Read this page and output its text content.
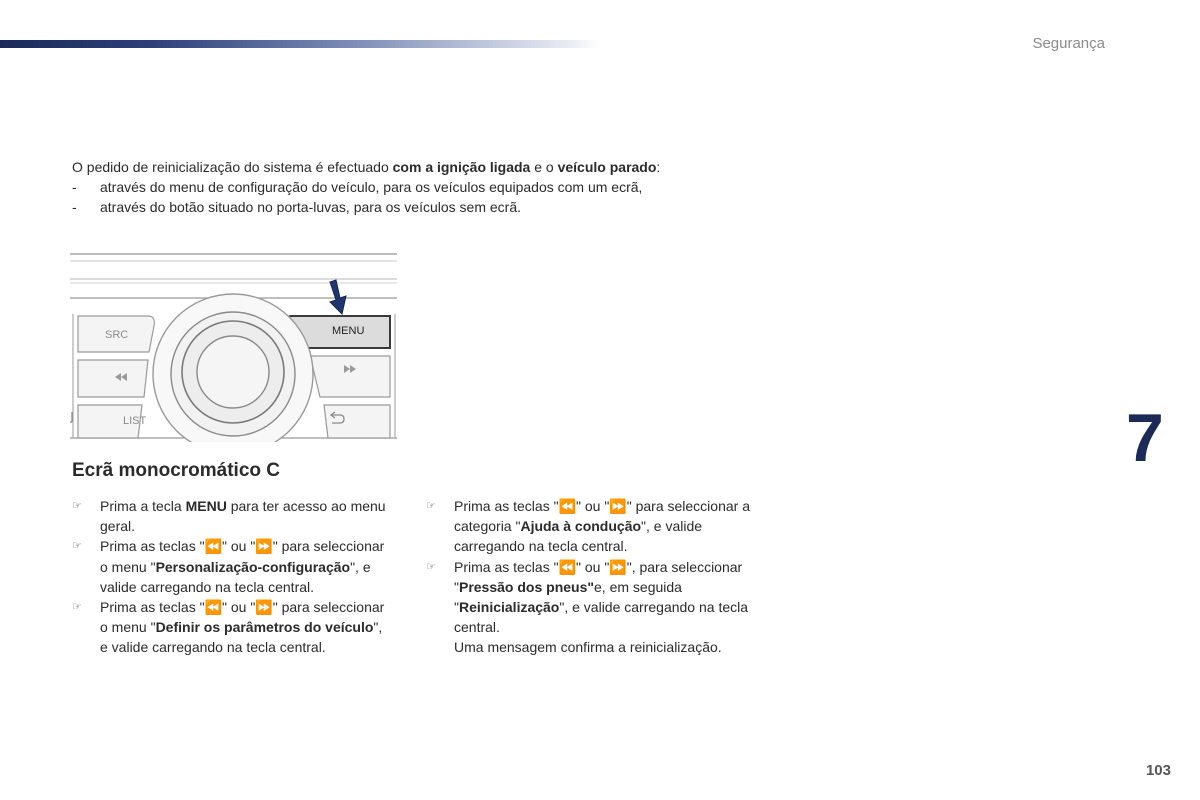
Segurança

O pedido de reinicialização do sistema é efectuado com a ignição ligada e o veículo parado:

- através do menu de configuração do veículo, para os veículos equipados com um ecrã,

- através do botão situado no porta-luvas, para os veículos sem ecrã.

SRC	MENU
LIST	7
Ecrã monocromático C

☞ Prima a tecla MENU para ter acesso ao menu geral.

☞ Prima as teclas "⏪" ou "⏩" para seleccionar o menu "Personalização-configuração", e valide carregando na tecla central.

☞ Prima as teclas "⏪" ou "⏩" para seleccionar o menu "Definir os parâmetros do veículo", e valide carregando na tecla central.

☞ Prima as teclas "⏪" ou "⏩" para seleccionar a categoria "Ajuda à condução", e valide carregando na tecla central.

☞ Prima as teclas "⏪" ou "⏩", para seleccionar "Pressão dos pneus"e, em seguida "Reinicialização", e valide carregando na tecla central.
Uma mensagem confirma a reinicialização.

103
